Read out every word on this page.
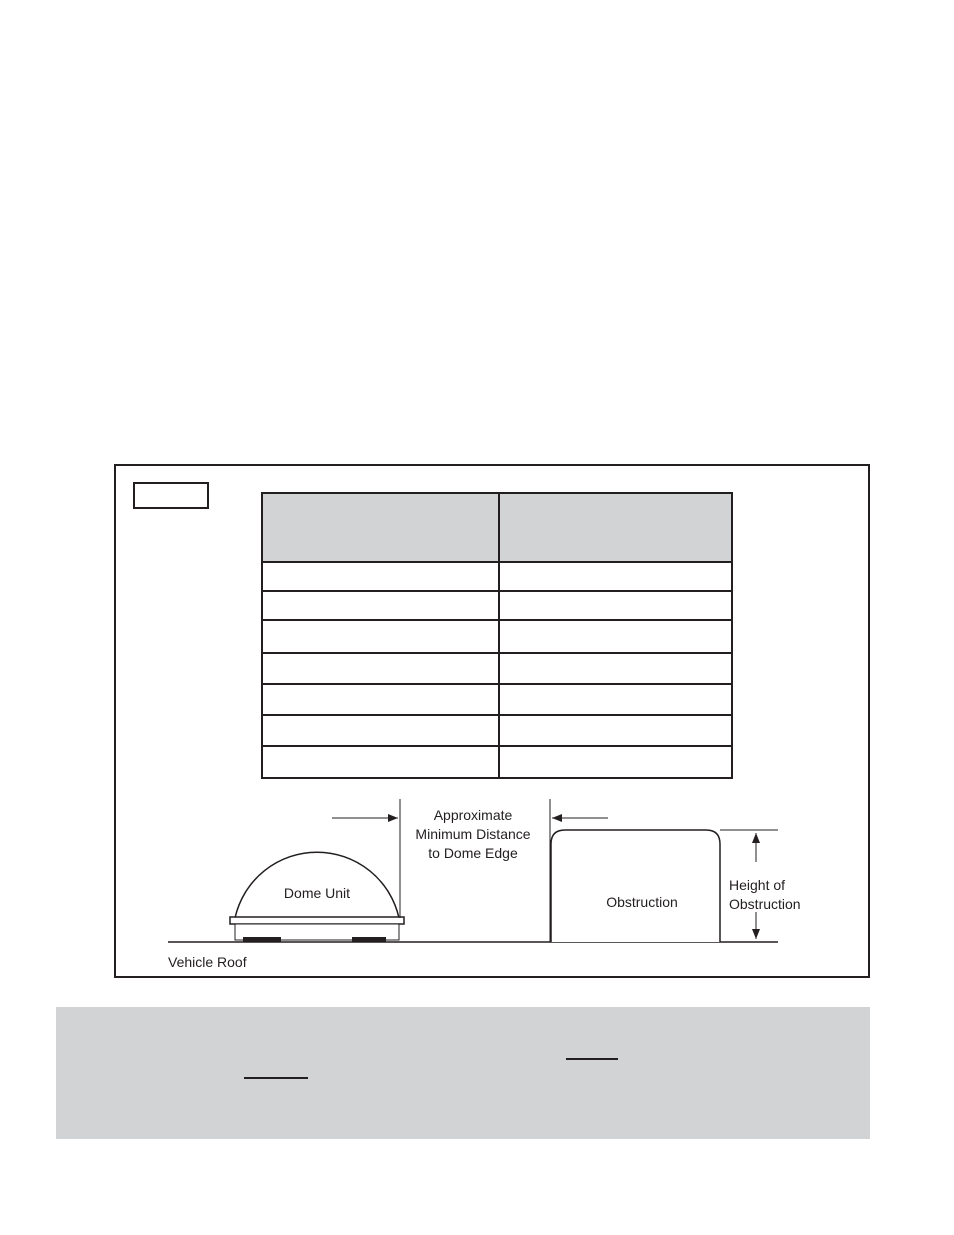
Dome Unit
Obstruction
Approximate
Minimum Distance
to Dome Edge
Height of
Obstruction
Vehicle Roof
